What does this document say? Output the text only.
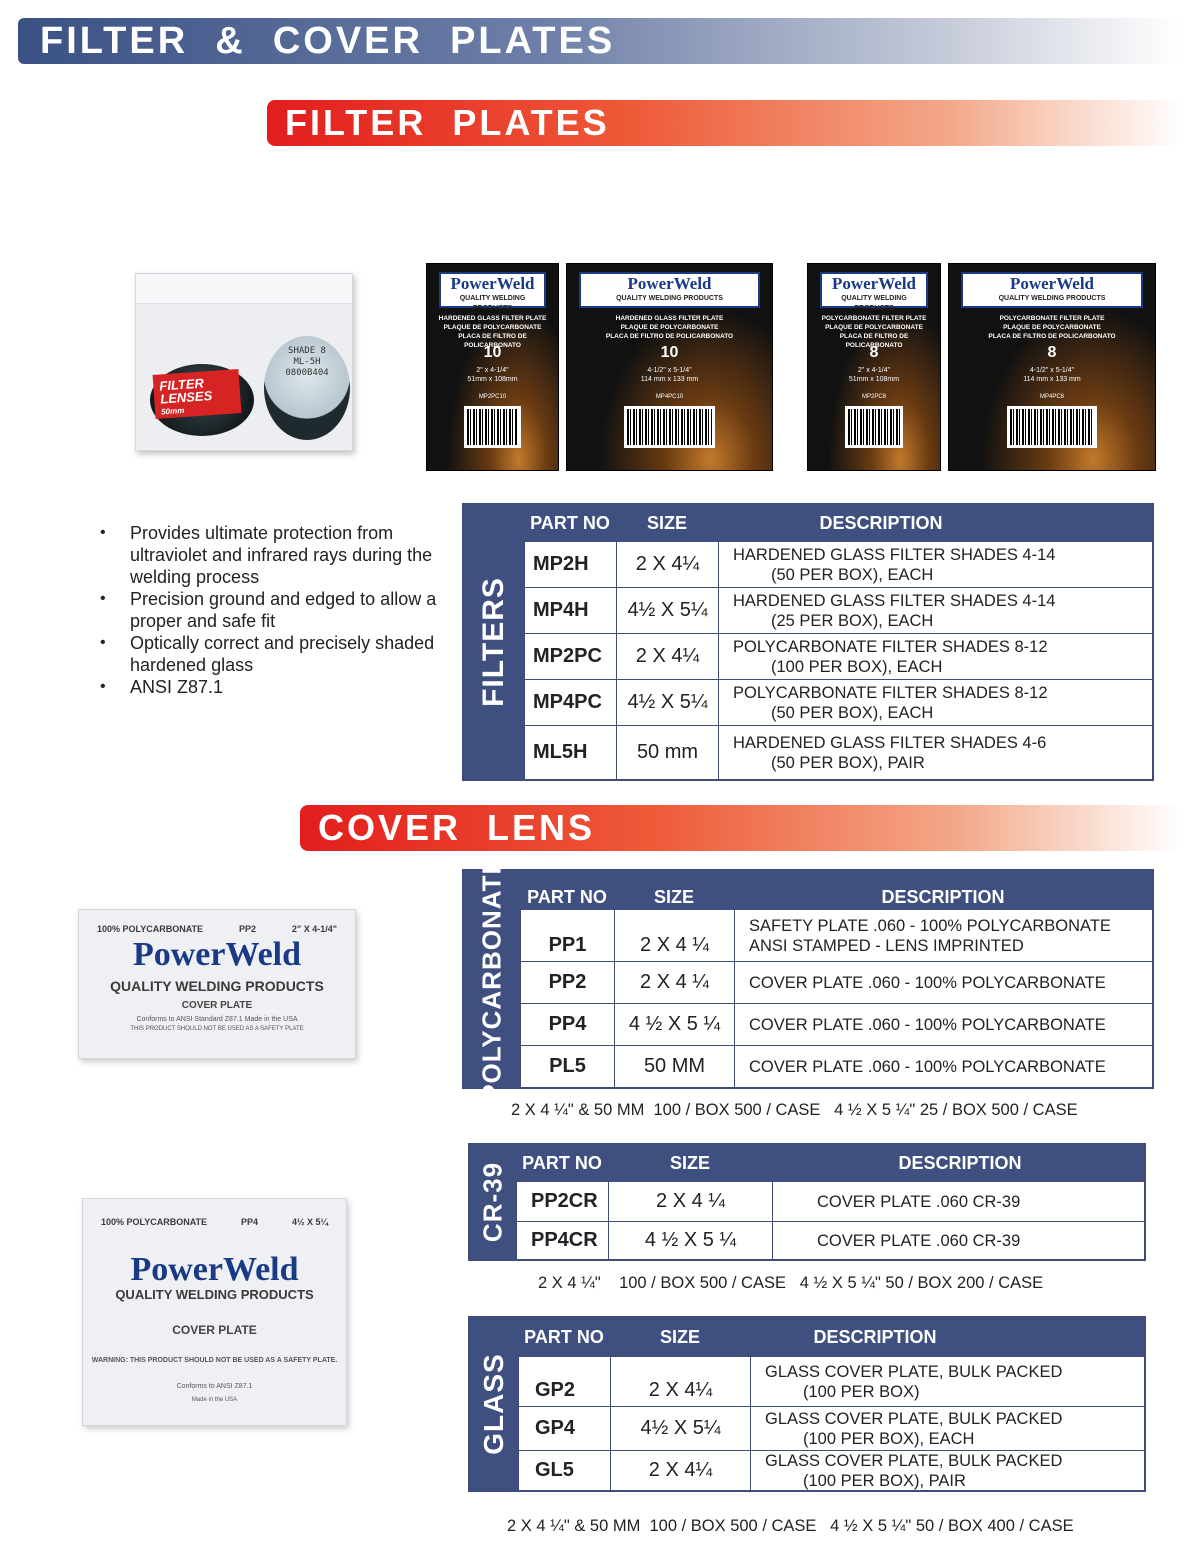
FILTER  &  COVER  PLATES
FILTER  PLATES
COVER  LENS
FILTER LENSES
50mm
SHADE 8
ML-5H
0800B404
PowerWeld
QUALITY WELDING PRODUCTS
HARDENED GLASS FILTER PLATE
PLAQUE DE POLYCARBONATE
PLACA DE FILTRO DE POLICARBONATO
10
2" x 4-1/4"
51mm x 108mm
MP2PC10
PowerWeld
QUALITY WELDING PRODUCTS
HARDENED GLASS FILTER PLATE
PLAQUE DE POLYCARBONATE
PLACA DE FILTRO DE POLICARBONATO
10
4-1/2" x 5-1/4"
114 mm x 133 mm
MP4PC10
PowerWeld
QUALITY WELDING PRODUCTS
POLYCARBONATE FILTER PLATE
PLAQUE DE POLYCARBONATE
PLACA DE FILTRO DE POLICARBONATO
8
2" x 4-1/4"
51mm x 108mm
MP2PC8
PowerWeld
QUALITY WELDING PRODUCTS
POLYCARBONATE FILTER PLATE
PLAQUE DE POLYCARBONATE
PLACA DE FILTRO DE POLICARBONATO
8
4-1/2" x 5-1/4"
114 mm x 133 mm
MP4PC8
• Provides ultimate protection from ultraviolet and infrared rays during the welding process
• Precision ground and edged to allow a proper and safe fit
• Optically correct and precisely shaded hardened glass
• ANSI Z87.1	FILTERS
PART NO	SIZE	DESCRIPTION
MP2H	2 X 4¼	HARDENED GLASS FILTER SHADES 4-14
(50 PER BOX), EACH
MP4H	4½ X 5¼	HARDENED GLASS FILTER SHADES 4-14
(25 PER BOX), EACH
MP2PC	2 X 4¼	POLYCARBONATE FILTER SHADES 8-12
(100 PER BOX), EACH
MP4PC	4½ X 5¼	POLYCARBONATE FILTER SHADES 8-12
(50 PER BOX), EACH
ML5H	50 mm	HARDENED GLASS FILTER SHADES 4-6
(50 PER BOX), PAIR
100% POLYCARBONATE	PP2	2" X 4-1/4"
PowerWeld
QUALITY WELDING PRODUCTS
COVER PLATE
Conforms to ANSI Standard Z87.1 Made in the USA
THIS PRODUCT SHOULD NOT BE USED AS A SAFETY PLATE	POLYCARBONATE	PART NO	SIZE	DESCRIPTION
PP1	2 X 4 ¼
SAFETY PLATE .060 - 100% POLYCARBONATE
ANSI STAMPED - LENS IMPRINTED
PP2	2 X 4 ¼	COVER PLATE .060 - 100% POLYCARBONATE
PP4	4 ½ X 5 ¼	COVER PLATE .060 - 100% POLYCARBONATE
PL5	50 MM	COVER PLATE .060 - 100% POLYCARBONATE
2 X 4 ¼" & 50 MM  100 / BOX 500 / CASE   4 ½ X 5 ¼" 25 / BOX 500 / CASE
100% POLYCARBONATE	PP4	4½ X 5¼
PowerWeld
QUALITY WELDING PRODUCTS
COVER PLATE
WARNING: THIS PRODUCT SHOULD NOT BE USED AS A SAFETY PLATE.
Conforms to ANSI Z87.1
Made in the USA
CR-39 PART NO	SIZE	DESCRIPTION
PP2CR	2 X 4 ¼	COVER PLATE .060 CR-39
PP4CR	4 ½ X 5 ¼	COVER PLATE .060 CR-39
2 X 4 ¼"    100 / BOX 500 / CASE   4 ½ X 5 ¼" 50 / BOX 200 / CASE
GLASS
PART NO	SIZE	DESCRIPTION
GP2	2 X 4¼
GLASS COVER PLATE, BULK PACKED
(100 PER BOX)
GP4	4½ X 5¼	GLASS COVER PLATE, BULK PACKED
(100 PER BOX), EACH
GL5	2 X 4¼	GLASS COVER PLATE, BULK PACKED
(100 PER BOX), PAIR
2 X 4 ¼" & 50 MM  100 / BOX 500 / CASE   4 ½ X 5 ¼" 50 / BOX 400 / CASE
